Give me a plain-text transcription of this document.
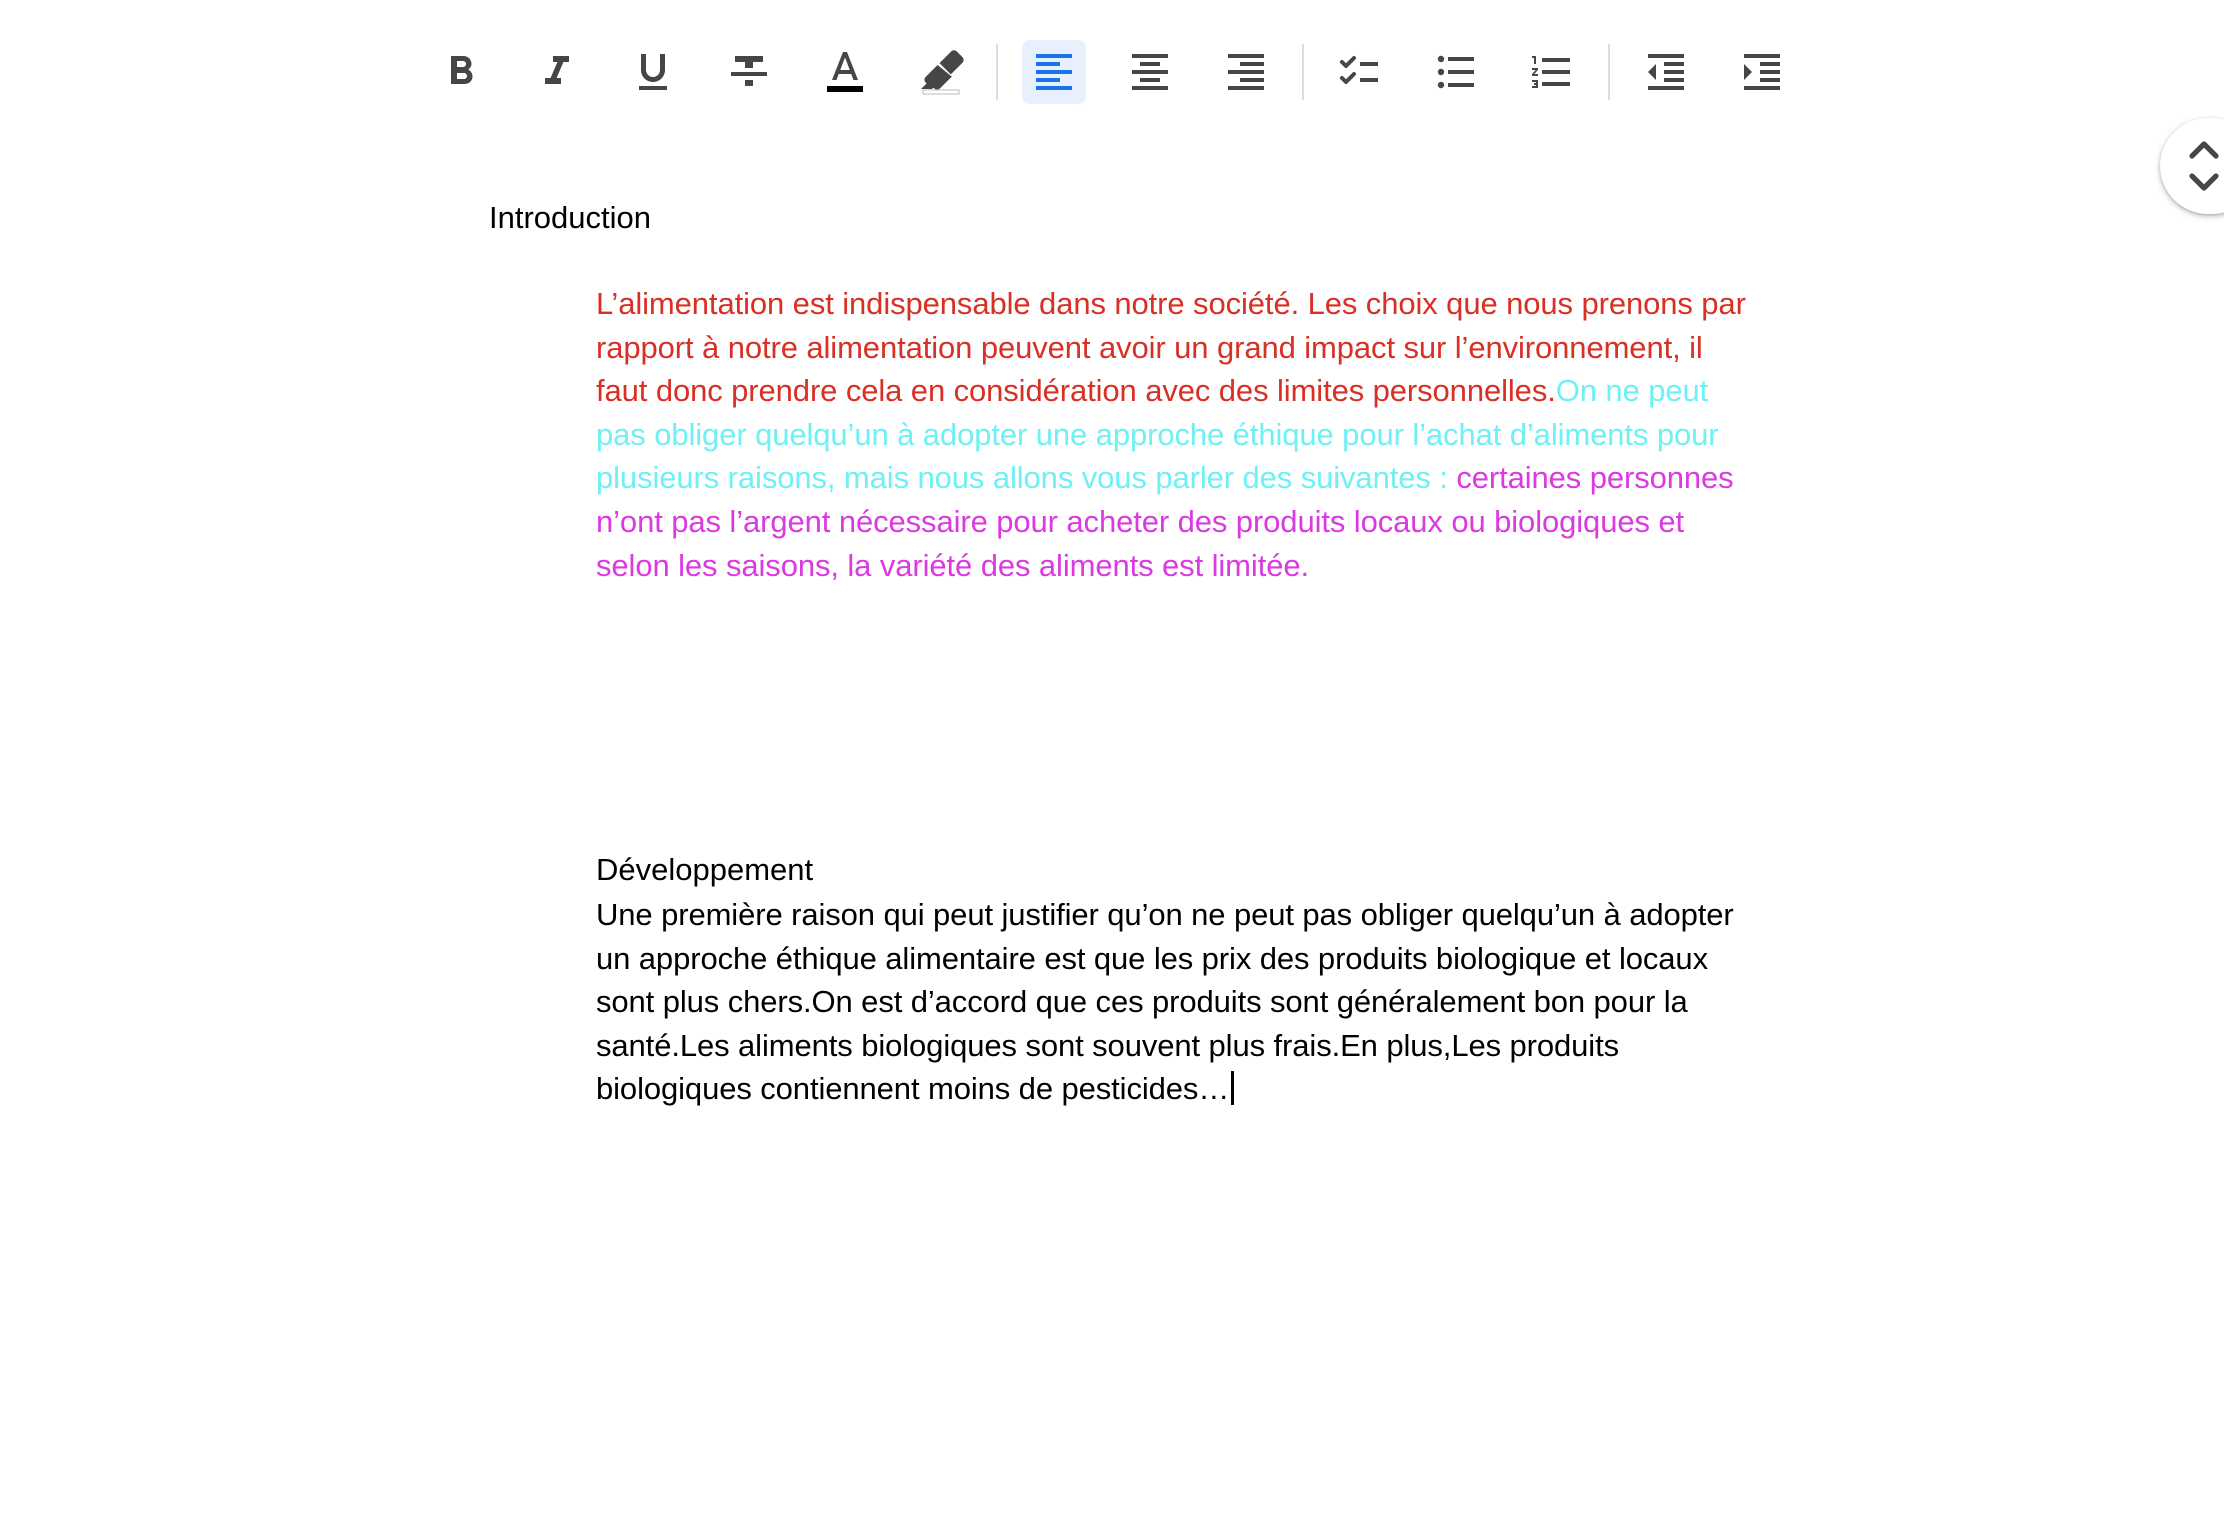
Introduction
L’alimentation est indispensable dans notre société. Les choix que nous prenons par rapport à notre alimentation peuvent avoir un grand impact sur l’environnement, il faut donc prendre cela en considération avec des limites personnelles.On ne peut pas obliger quelqu’un à adopter une approche éthique pour l’achat d’aliments pour plusieurs raisons, mais nous allons vous parler des suivantes : certaines personnes n’ont pas l’argent nécessaire pour acheter des produits locaux ou biologiques et selon les saisons, la variété des aliments est limitée.
Développement
Une première raison qui peut justifier qu’on ne peut pas obliger quelqu’un à adopter un approche éthique alimentaire est que les prix des produits biologique et locaux sont plus chers.On est d’accord que ces produits sont généralement bon pour la santé.Les aliments biologiques sont souvent plus frais.En plus,Les produits biologiques contiennent moins de pesticides…
